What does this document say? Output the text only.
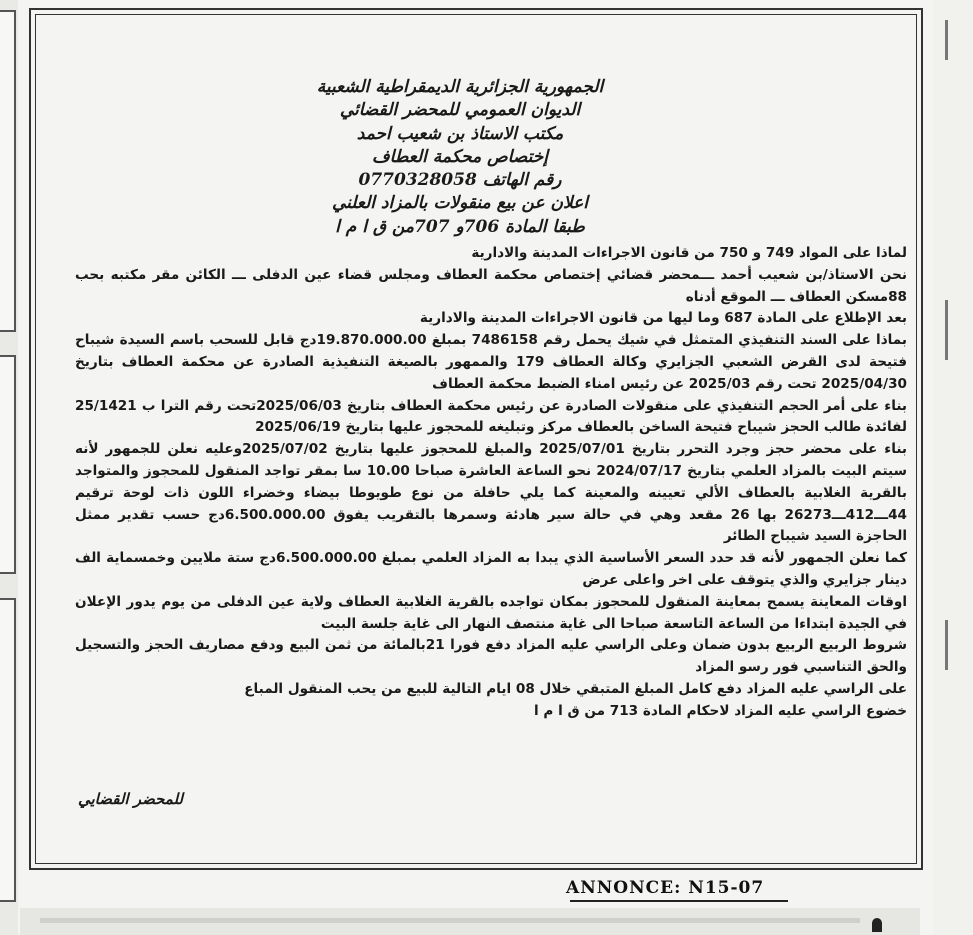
الجمهورية الجزائرية الديمقراطية الشعبية

الديوان العمومي للمحضر القضائي

مكتب الاستاذ بن شعيب احمد

إختصاص محكمة العطاف

رقم الهاتف 0770328058

اعلان عن بيع منقولات بالمزاد العلني

طبقا المادة 706و 707من ق ا م ا

لماذا على المواد 749 و 750 من قانون الاجراءات المدينة والادارية

نحن الاستاذ/بن شعيب أحمد ـــمحضر قضائي إختصاص محكمة العطاف ومجلس قضاء عين الدفلى ـــ الكائن مقر مكتبه بحب 88مسكن العطاف ـــ الموقع أدناه

بعد الإطلاع على المادة 687 وما ليها من قانون الاجراءات المدينة والادارية

بماذا على السند التنفيذي المتمثل في شيك يحمل رقم 7486158 بمبلغ 19.870.000.00دج قابل للسحب باسم السيدة شيباح فتيحة لدى القرض الشعبي الجزايري وكالة العطاف 179 والممهور بالصيغة التنفيذية الصادرة عن محكمة العطاف بتاريخ 2025/04/30 تحت رقم 2025/03 عن رئيس امناء الضبط محكمة العطاف

بناء على أمر الحجم التنفيذي على منقولات الصادرة عن رئيس محكمة العطاف بتاريخ 2025/06/03تحت رقم الترا ب 25/1421 لفائدة طالب الحجز شيباح فتيحة الساخن بالعطاف مركز وتبليغه للمحجوز عليها بتاريخ 2025/06/19

بناء على محضر حجز وجرد التحرر بتاريخ 2025/07/01 والمبلغ للمحجوز عليها بتاريخ 2025/07/02وعليه نعلن للجمهور لأنه سيتم البيت بالمزاد العلمي بتاريخ 2024/07/17 نحو الساعة العاشرة صباحا 10.00 سا بمقر تواجد المنقول للمحجوز والمتواجد بالقرية الغلابية بالعطاف الألي تعيينه والمعينة كما يلي حافلة من نوع طويوطا بيضاء وخضراء اللون ذات لوحة ترقيم 44ـــ412ـــ26273 بها 26 مقعد وهي في حالة سير هادئة وسمرها بالتقريب يفوق 6.500.000.00دج حسب تقدير ممثل الحاجزة السيد شيباح الطائر

كما نعلن الجمهور لأنه قد حدد السعر الأساسية الذي يبدا به المزاد العلمي بمبلغ 6.500.000.00دج ستة ملايين وخمسماية الف دينار جزايري والذي يتوقف على اخر واعلى عرض

اوقات المعاينة يسمح بمعاينة المنقول للمحجوز بمكان تواجده بالقرية الغلابية العطاف ولاية عين الدفلى من يوم يدور الإعلان في الجيدة ابتداءا من الساعة التاسعة صباحا الى غاية منتصف النهار الى غاية جلسة البيت

شروط الربيع الربيع بدون ضمان وعلى الراسي عليه المزاد دفع فورا 21بالمائة من ثمن البيع ودفع مصاريف الحجز والتسجيل والحق التناسبي فور رسو المزاد

على الراسي عليه المزاد دفع كامل المبلغ المتبقي خلال 08 ايام التالية للبيع من يحب المنقول المباع

خضوع الراسي عليه المزاد لاحكام المادة 713 من ق ا م ا

للمحضر القضايي
ANNONCE: N15-07
